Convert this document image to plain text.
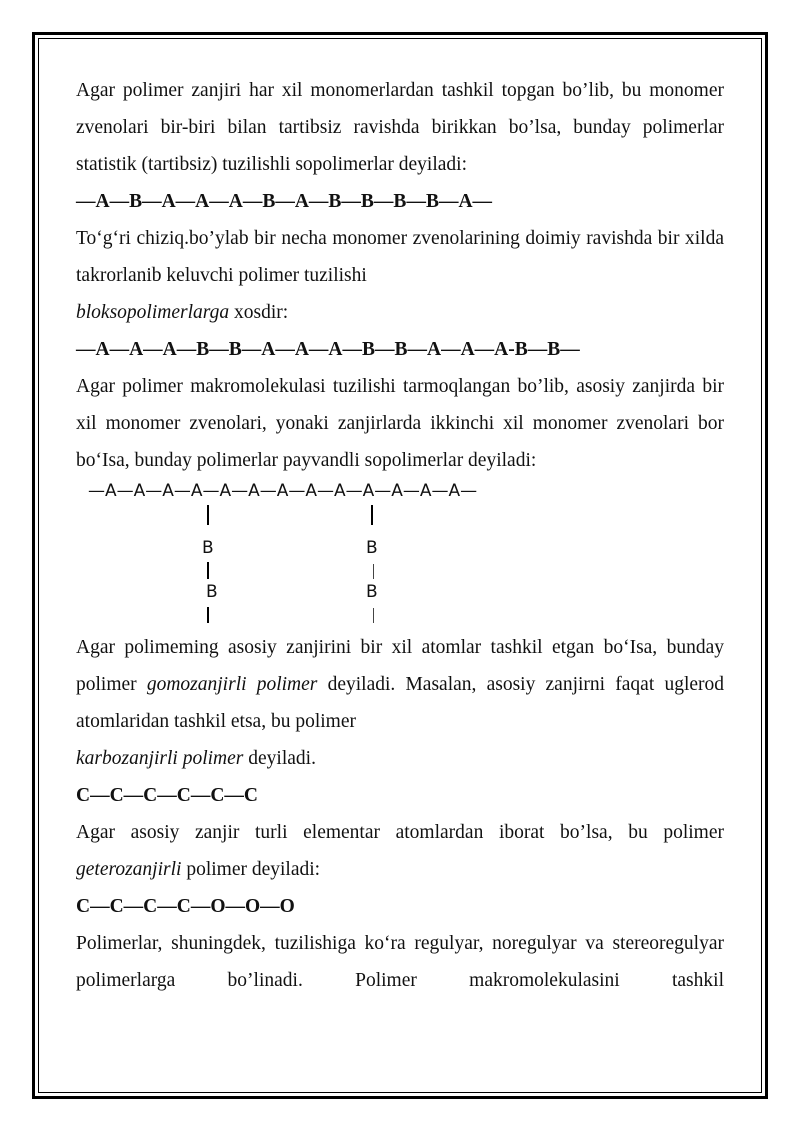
Agar polimer zanjiri har xil monomerlardan tashkil topgan bo’lib, bu monomer zvenolari bir-biri bilan tartibsiz ravishda birikkan bo’lsa, bunday polimerlar statistik (tartibsiz) tuzilishli sopolimerlar deyiladi:

—A—B—A—A—A—B—A—B—B—B—B—A—

To‘g‘ri chiziq.bo’ylab bir necha monomer zvenolarining doimiy ravishda bir xilda takrorlanib keluvchi polimer tuzilishi
bloksopolimerlarga xosdir:

—A—A—A—B—B—A—A—A—B—B—A—A—A-B—B—

Agar polimer makromolekulasi tuzilishi tarmoqlangan bo’lib, asosiy zanjirda bir xil monomer zvenolari, yonaki zanjirlarda ikkinchi xil monomer zvenolari bor bo‘Isa, bunday polimerlar payvandli sopolimerlar deyiladi:

—A—A—A—A—A—A—A—A—A—A—A—A—A—
B	B
B	B

Agar polimeming asosiy zanjirini bir xil atomlar tashkil etgan bo‘Isa, bunday polimer gomozanjirli polimer deyiladi. Masalan, asosiy zanjirni faqat uglerod atomlaridan tashkil etsa, bu polimer
karbozanjirli polimer deyiladi.

C—C—C—C—C—C

Agar asosiy zanjir turli elementar atomlardan iborat bo’lsa, bu polimer geterozanjirli polimer deyiladi:

C—C—C—C—O—O—O

Polimerlar, shuningdek, tuzilishiga ko‘ra regulyar, noregulyar va stereoregulyar polimerlarga bo’linadi. Polimer makromolekulasini tashkil
